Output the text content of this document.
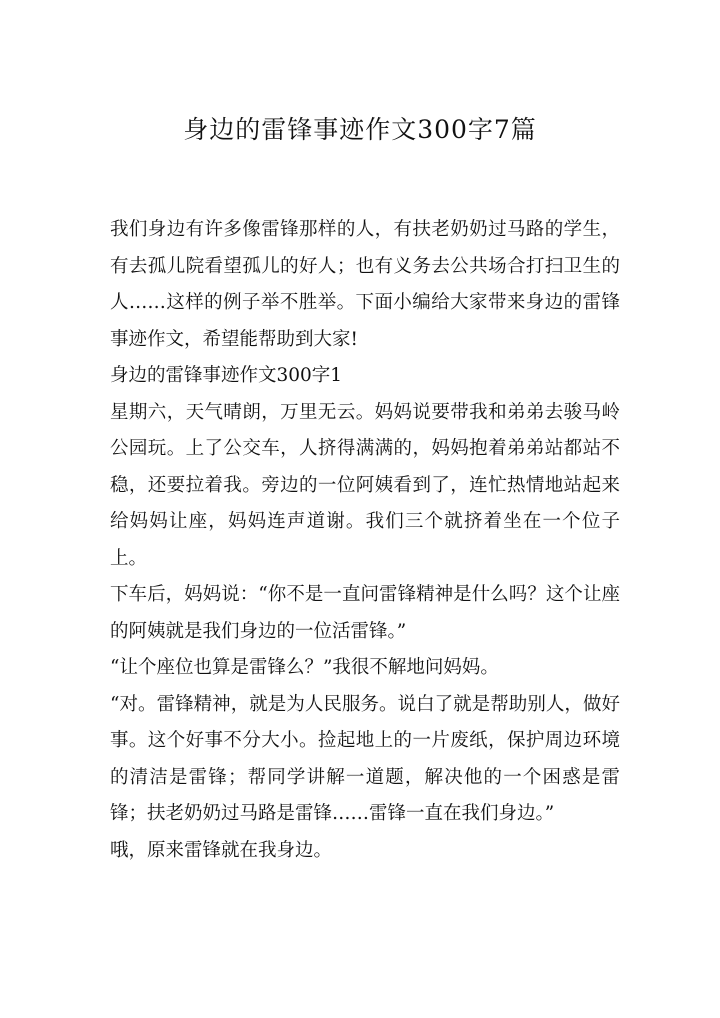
身边的雷锋事迹作文300字7篇

我们身边有许多像雷锋那样的人，有扶老奶奶过马路的学生，有去孤儿院看望孤儿的好人；也有义务去公共场合打扫卫生的人……这样的例子举不胜举。下面小编给大家带来身边的雷锋事迹作文，希望能帮助到大家!

身边的雷锋事迹作文300字1

星期六，天气晴朗，万里无云。妈妈说要带我和弟弟去骏马岭公园玩。上了公交车，人挤得满满的，妈妈抱着弟弟站都站不稳，还要拉着我。旁边的一位阿姨看到了，连忙热情地站起来给妈妈让座，妈妈连声道谢。我们三个就挤着坐在一个位子上。

下车后，妈妈说：“你不是一直问雷锋精神是什么吗？这个让座的阿姨就是我们身边的一位活雷锋。”

“让个座位也算是雷锋么？”我很不解地问妈妈。

“对。雷锋精神，就是为人民服务。说白了就是帮助别人，做好事。这个好事不分大小。捡起地上的一片废纸，保护周边环境的清洁是雷锋；帮同学讲解一道题，解决他的一个困惑是雷锋；扶老奶奶过马路是雷锋……雷锋一直在我们身边。”

哦，原来雷锋就在我身边。
